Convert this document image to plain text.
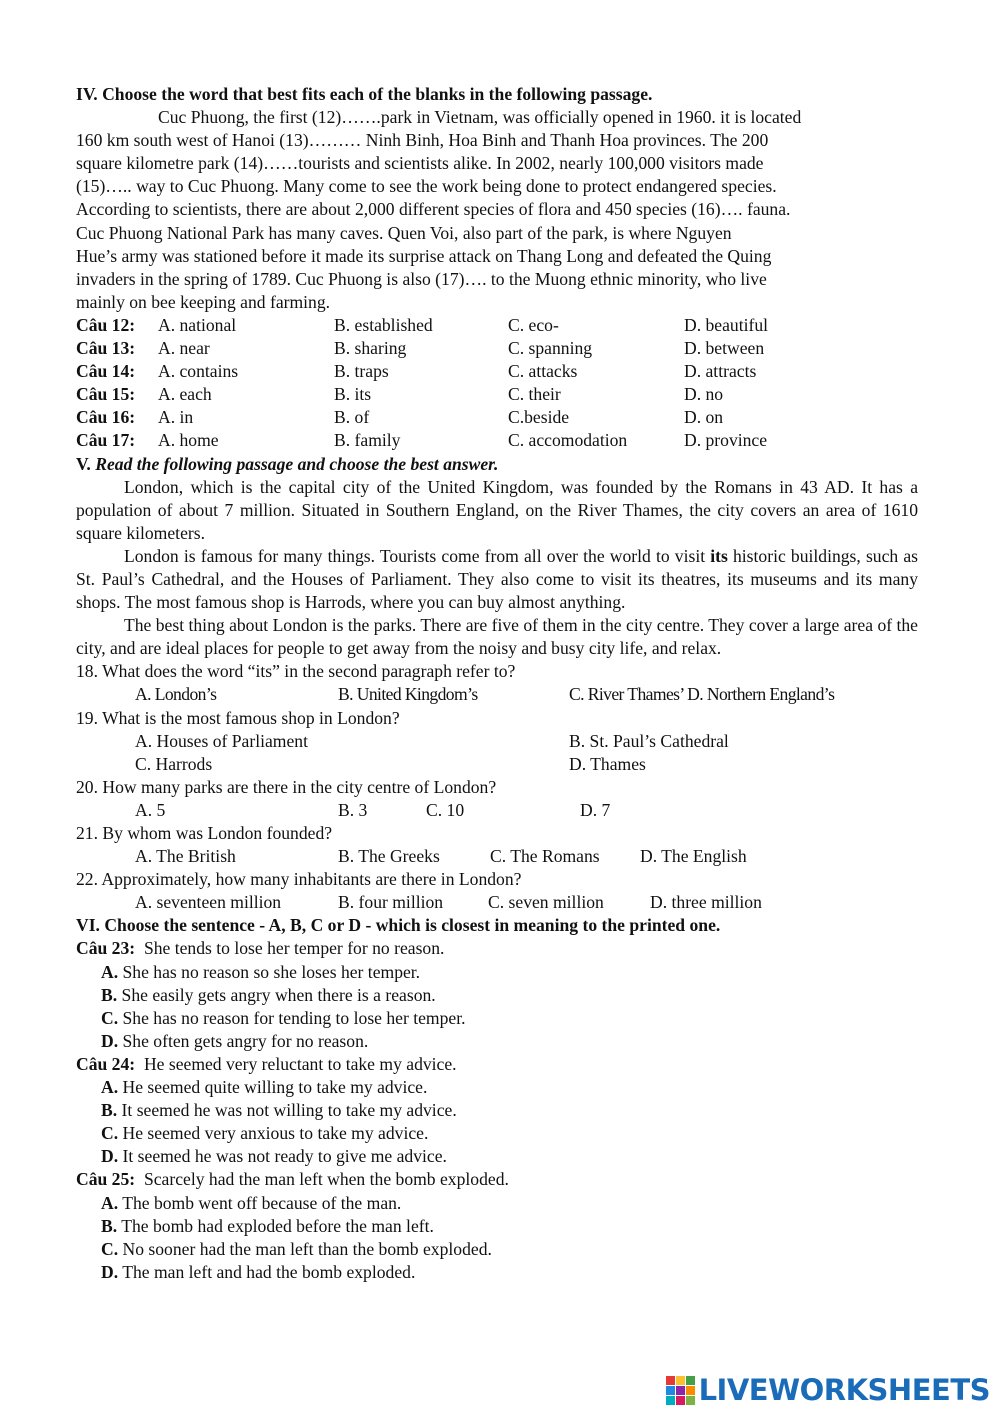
IV. Choose the word that best fits each of the blanks in the following passage.
Cuc Phuong, the first (12)…….park in Vietnam, was officially opened in 1960. it is located
160 km south west of Hanoi (13)……… Ninh Binh, Hoa Binh and Thanh Hoa provinces. The 200
square kilometre park (14)……tourists and scientists alike. In 2002, nearly 100,000 visitors made
(15)….. way to Cuc Phuong. Many come to see the work being done to protect endangered species.
According to scientists, there are about 2,000 different species of flora and 450 species (16)…. fauna.
Cuc Phuong National Park has many caves. Quen Voi, also part of the park, is where Nguyen
Hue’s army was stationed before it made its surprise attack on Thang Long and defeated the Quing
invaders in the spring of 1789. Cuc Phuong is also (17)…. to the Muong ethnic minority, who live
mainly on bee keeping and farming.
Câu 12: A. national	B. established	C. eco-	D. beautiful
Câu 13: A. near	B. sharing	C. spanning	D. between
Câu 14: A. contains	B. traps	C. attacks	D. attracts
Câu 15: A. each	B. its	C. their	D. no
Câu 16: A. in	B. of	C.beside	D. on
Câu 17: A. home	B. family	C. accomodation	D. province
V. Read the following passage and choose the best answer.
London, which is the capital city of the United Kingdom, was founded by the Romans in 43 AD. It has a population of about 7 million. Situated in Southern England, on the River Thames, the city covers an area of 1610 square kilometers.
London is famous for many things. Tourists come from all over the world to visit its historic buildings, such as St. Paul’s Cathedral, and the Houses of Parliament. They also come to visit its theatres, its museums and its many shops. The most famous shop is Harrods, where you can buy almost anything.
The best thing about London is the parks. There are five of them in the city centre. They cover a large area of the city, and are ideal places for people to get away from the noisy and busy city life, and relax.
18. What does the word “its” in the second paragraph refer to?
A. London’s	B. United Kingdom’s	C. River Thames’ D. Northern England’s
19. What is the most famous shop in London?
A. Houses of Parliament	B. St. Paul’s Cathedral
C. Harrods	D. Thames
20. How many parks are there in the city centre of London?
A. 5	B. 3	C. 10	D. 7
21. By whom was London founded?
A. The British	B. The Greeks	C. The Romans D. The English
22. Approximately, how many inhabitants are there in London?
A. seventeen million	B. four million	C. seven million	D. three million
VI. Choose the sentence - A, B, C or D - which is closest in meaning to the printed one.
Câu 23: She tends to lose her temper for no reason.
A. She has no reason so she loses her temper.
B. She easily gets angry when there is a reason.
C. She has no reason for tending to lose her temper.
D. She often gets angry for no reason.
Câu 24: He seemed very reluctant to take my advice.
A. He seemed quite willing to take my advice.
B. It seemed he was not willing to take my advice.
C. He seemed very anxious to take my advice.
D. It seemed he was not ready to give me advice.
Câu 25: Scarcely had the man left when the bomb exploded.
A. The bomb went off because of the man.
B. The bomb had exploded before the man left.
C. No sooner had the man left than the bomb exploded.
D. The man left and had the bomb exploded.
LIVEWORKSHEETS
